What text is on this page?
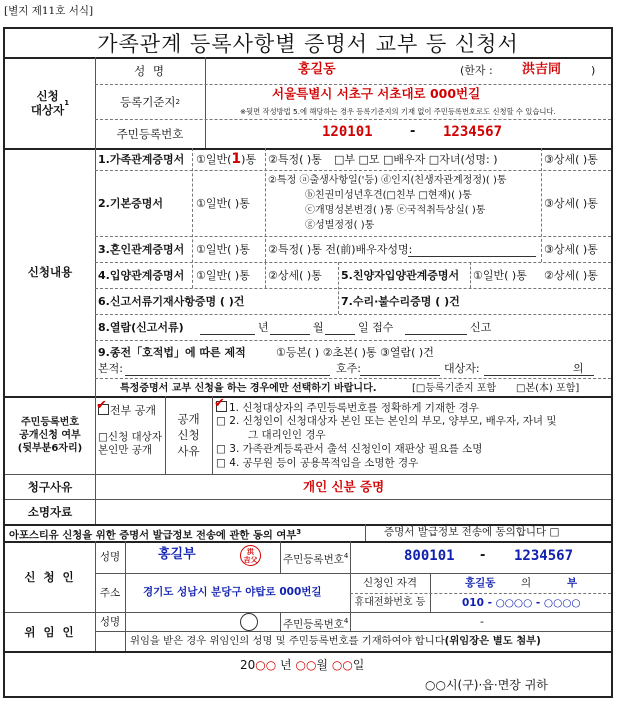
[별지 제11호 서식]
가족관계 등록사항별 증명서 교부 등 신청서
신청
대상자 1
성 명	홍길동	(한자 : 洪吉同	)
등록기준지 2
서울특별시 서초구 서초대로 000번길
※뒷면 작성방법 5.에 해당하는 경우 등록기준지의 기재 없이 주민등록번호로도 신청할 수 있습니다.
주민등록번호	120101	- 1234567
신청내용
1.가족관계증명서 ①일반(1)통 ②특정( )통 □부 □모 □배우자 □자녀(성명: )	③상세( )통
2.기본증명서	①일반( )통
②특정 ⓐ출생사항일('등) ⓓ인지(친생자관계정정)( )통
ⓑ친권미성년후견(□친부 □현재)( )통
ⓒ개명성본변경( )통 ⓔ국적취득상실( )통
ⓖ성별정정( )통
③상세( )통
3.혼인관계증명서 ①일반( )통 ②특정( )통 전(前)배우자성명:	③상세( )통
4.입양관계증명서 ①일반( )통 ②상세( )통 5.친양자입양관계증명서 ①일반( )통 ②상세( )통
6.신고서류기재사항증명 ( )건	7.수리·불수리증명 ( )건
8.열람(신고서류)	년	월	일 접수	신고
9.종전「호적법」에 따른 제적	①등본( ) ②초본( )통 ③열람( )건
본적:	호주:	대상자:	의
특정증명서 교부 신청을 하는 경우에만 선택하기 바랍니다.	[□등록기준지 포함 □본(本) 포함]
주민등록번호
공개신청 여부
(뒷부분6자리)
전부 공개
✔
□신청 대상자
본인만 공개
공개
신청
사유
1. 신청대상자의 주민등록번호를 정확하게 기재한 경우
✔
□ 2. 신청인이 신청대상자 본인 또는 본인의 부모, 양부모, 배우자, 자녀 및
그 대리인인 경우
□ 3. 가족관계등록관서 출석 신청인이 재판상 필요를 소명
□ 4. 공무원 등이 공용목적임을 소명한 경우
청구사유	개인 신분 증명
소명자료
아포스티유 신청을 위한 증명서 발급정보 전송에 관한 동의 여부$^3$	증명서 발급정보 전송에 동의합니다 □
신 청 인
성명	홍길부	洪
吉父	주민등록번호$^4$	800101 - 1234567
주소	경기도 성남시 분당구 야탑로 000번길
신청인 자격	홍길동 의	부
휴대전화번호 등	010 - ○○○○ - ○○○○
위 임 인
성명	주민등록번호$^4$	-
위임을 받은 경우 위임인의 성명 및 주민등록번호를 기재하여야 합니다(위임장은 별도 첨부)
20○○ 년 ○○월 ○○일
○○시(구)·읍·면장 귀하
